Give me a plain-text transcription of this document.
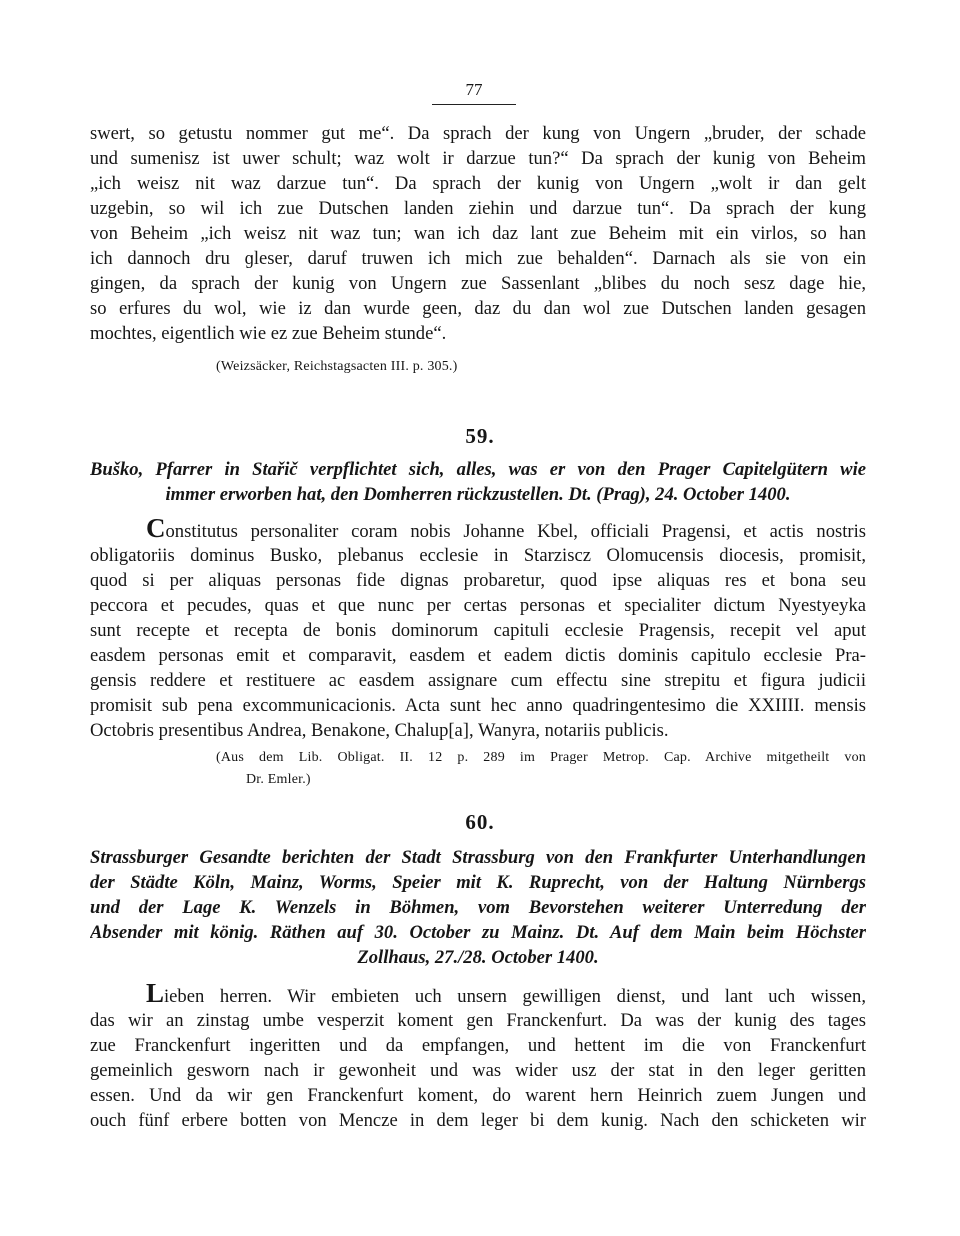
77
swert, so getustu nommer gut me“. Da sprach der kung von Ungern „bruder, der schade
und sumenisz ist uwer schult; waz wolt ir darzue tun?“ Da sprach der kunig von Beheim
„ich weisz nit waz darzue tun“. Da sprach der kunig von Ungern „wolt ir dan gelt
uzgebin, so wil ich zue Dutschen landen ziehin und darzue tun“. Da sprach der kung
von Beheim „ich weisz nit waz tun; wan ich daz lant zue Beheim mit ein virlos, so han
ich dannoch dru ɡleser, daruf truwen ich mich zue behalden“. Darnach als sie von ein
gingen, da sprach der kunig von Ungern zue Sassenlant „blibes du noch sesz dage hie,
so erfures du wol, wie iz dan wurde geen, daz du dan wol zue Dutschen landen gesagen
mochtes, eigentlich wie ez zue Beheim stunde“.
(Weizsäcker, Reichstagsacten III. p. 305.)
59.
Buško, Pfarrer in Stařič verpflichtet sich, alles, was er von den Prager Capitelgütern wie
immer erworben hat, den Domherren rückzustellen. Dt. (Prag), 24. October 1400.
Constitutus personaliter coram nobis Johanne Kbel, officiali Pragensi, et actis nostris
obligatoriis dominus Busko, plebanus ecclesie in Starziscz Olomucensis diocesis, promisit,
quod si per aliquas personas fide dignas probaretur, quod ipse aliquas res et bona seu
peccora et pecudes, quas et que nunc per certas personas et specialiter dictum Nyestyeyka
sunt recepte et recepta de bonis dominorum capituli ecclesie Pragensis, recepit vel aput
easdem personas emit et comparavit, easdem et eadem dictis dominis capitulo ecclesie Pra-
gensis reddere et restituere ac easdem assignare cum effectu sine strepitu et figura judicii
promisit sub pena excommunicacionis. Acta sunt hec anno quadringentesimo die XXIIII. mensis
Octobris presentibus Andrea, Benakone, Chalup[a], Wanyra, notariis publicis.
(Aus dem Lib. Obligat. II. 12 p. 289 im Prager Metrop. Cap. Archive mitgetheilt von
Dr. Emler.)
60.
Strassburger Gesandte berichten der Stadt Strassburg von den Frankfurter Unterhandlungen
der Städte Köln, Mainz, Worms, Speier mit K. Ruprecht, von der Haltung Nürnbergs
und der Lage K. Wenzels in Böhmen, vom Bevorstehen weiterer Unterredung der
Absender mit könig. Räthen auf 30. October zu Mainz. Dt. Auf dem Main beim Höchster
Zollhaus, 27./28. October 1400.
Lieben herren. Wir embieten uch unsern gewilligen dienst, und lant uch wissen,
das wir an zinstag umbe vesperzit koment gen Franckenfurt. Da was der kunig des tages
zue Franckenfurt ingeritten und da empfangen, und hettent im die von Franckenfurt
gemeinlich gesworn nach ir gewonheit und was wider usz der stat in den leger geritten
essen. Und da wir gen Franckenfurt koment, do warent hern Heinrich zuem Jungen und
ouch fünf erbere botten von Mencze in dem leger bi dem kunig. Nach den schicketen wir
